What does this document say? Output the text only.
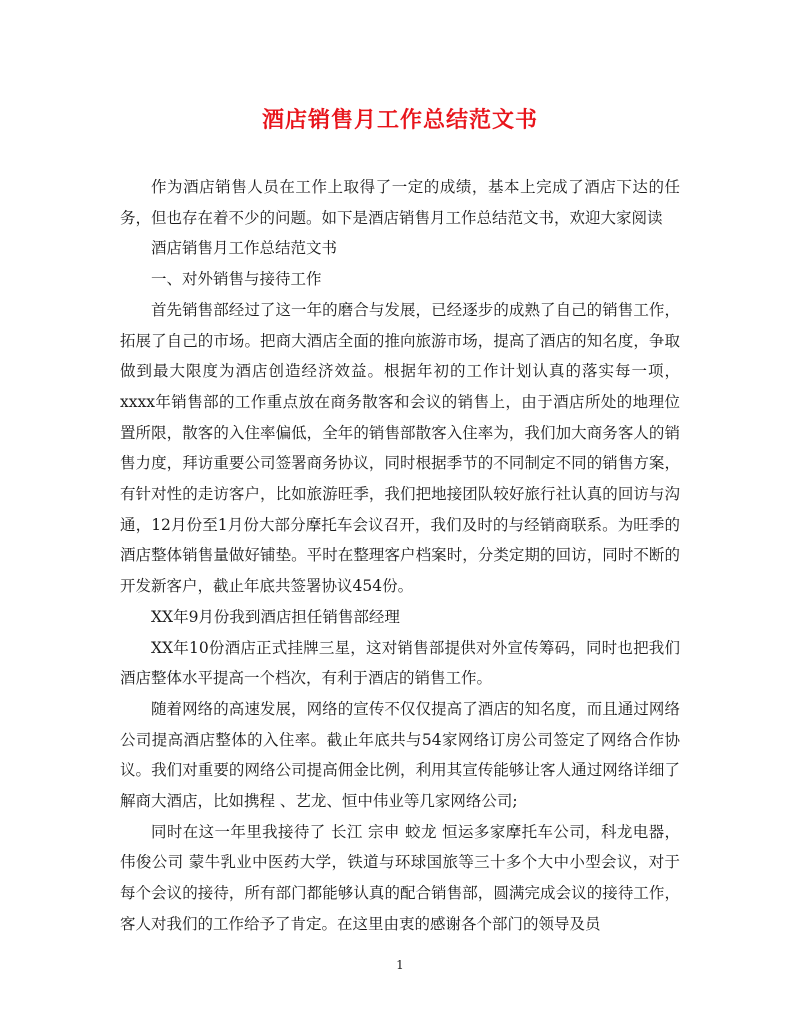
酒店销售月工作总结范文书

作为酒店销售人员在工作上取得了一定的成绩，基本上完成了酒店下达的任务，但也存在着不少的问题。如下是酒店销售月工作总结范文书，欢迎大家阅读

酒店销售月工作总结范文书

一、对外销售与接待工作

首先销售部经过了这一年的磨合与发展，已经逐步的成熟了自己的销售工作，拓展了自己的市场。把商大酒店全面的推向旅游市场，提高了酒店的知名度，争取做到最大限度为酒店创造经济效益。根据年初的工作计划认真的落实每一项，xxxx年销售部的工作重点放在商务散客和会议的销售上，由于酒店所处的地理位置所限，散客的入住率偏低，全年的销售部散客入住率为，我们加大商务客人的销售力度，拜访重要公司签署商务协议，同时根据季节的不同制定不同的销售方案，有针对性的走访客户，比如旅游旺季，我们把地接团队较好旅行社认真的回访与沟通，12月份至1月份大部分摩托车会议召开，我们及时的与经销商联系。为旺季的酒店整体销售量做好铺垫。平时在整理客户档案时，分类定期的回访，同时不断的开发新客户，截止年底共签署协议454份。

XX年9月份我到酒店担任销售部经理

XX年10份酒店正式挂牌三星，这对销售部提供对外宣传筹码，同时也把我们酒店整体水平提高一个档次，有利于酒店的销售工作。

随着网络的高速发展，网络的宣传不仅仅提高了酒店的知名度，而且通过网络公司提高酒店整体的入住率。截止年底共与54家网络订房公司签定了网络合作协议。我们对重要的网络公司提高佣金比例，利用其宣传能够让客人通过网络详细了解商大酒店，比如携程 、艺龙、恒中伟业等几家网络公司;

同时在这一年里我接待了 长江 宗申 蛟龙 恒运多家摩托车公司，科龙电器，伟俊公司 蒙牛乳业中医药大学，铁道与环球国旅等三十多个大中小型会议，对于每个会议的接待，所有部门都能够认真的配合销售部，圆满完成会议的接待工作，客人对我们的工作给予了肯定。在这里由衷的感谢各个部门的领导及员

1
